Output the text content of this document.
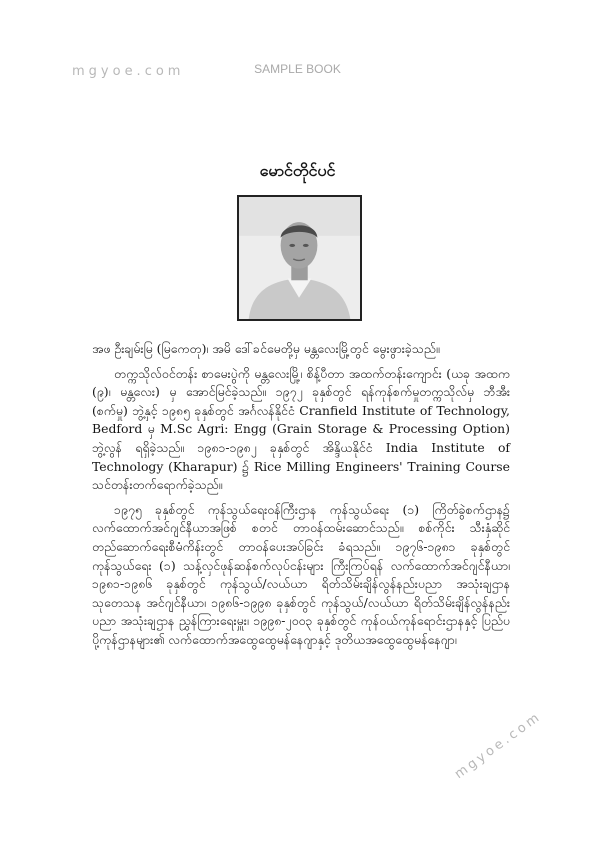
mgyoe.com	SAMPLE BOOK
မောင်တိုင်ပင်

အဖ ဦးချမ်းမြ (မြကေတု)၊ အမိ ဒေါ်ခင်မေတို့မှ မန္တလေးမြို့တွင် မွေးဖွားခဲ့သည်။

တက္ကသိုလ်ဝင်တန်း စာမေးပွဲကို မန္တလေးမြို့၊ စိန့်ပီတာ အထက်တန်းကျောင်း (ယခု အထက (၉)၊ မန္တလေး) မှ အောင်မြင်ခဲ့သည်။ ၁၉၇၂ ခုနှစ်တွင် ရန်ကုန်စက်မှုတက္ကသိုလ်မှ ဘီအီး (စက်မှု) ဘွဲ့နှင့် ၁၉၈၅ ခုနှစ်တွင် အင်္ဂလန်နိုင်ငံ Cranfield Institute of Technology, Bedford မှ M.Sc Agri: Engg (Grain Storage & Processing Option) ဘွဲ့လွန် ရရှိခဲ့သည်။ ၁၉၈၁-၁၉၈၂ ခုနှစ်တွင် အိန္ဒိယနိုင်ငံ India Institute of Technology (Kharapur) ၌ Rice Milling Engineers' Training Course သင်တန်းတက်ရောက်ခဲ့သည်။

၁၉၇၅ ခုနှစ်တွင် ကုန်သွယ်ရေးဝန်ကြီးဌာန ကုန်သွယ်ရေး (၁) ကြိတ်ခွဲစက်ဌာန၌ လက်ထောက်အင်ဂျင်နီယာအဖြစ် စတင် တာဝန်ထမ်းဆောင်သည်။ စစ်ကိုင်း သီးနှံဆိုင် တည်ဆောက်ရေးစီမံကိန်းတွင် တာဝန်ပေးအပ်ခြင်း ခံရသည်။ ၁၉၇၆-၁၉၈၁ ခုနှစ်တွင် ကုန်သွယ်ရေး (၁) သန့်လှင်ဖုန်ဆန်စက်လုပ်ငန်းများ ကြီးကြပ်ရန် လက်ထောက်အင်ဂျင်နီယာ၊ ၁၉၈၁-၁၉၈၆ ခုနှစ်တွင် ကုန်သွယ်/လယ်ယာ ရိတ်သိမ်းချိန်လွန်နည်းပညာ အသုံးချဌာနသုတေသန အင်ဂျင်နီယာ၊ ၁၉၈၆-၁၉၉၈ ခုနှစ်တွင် ကုန်သွယ်/လယ်ယာ ရိတ်သိမ်းချိန်လွန်နည်းပညာ အသုံးချဌာန ညွှန်ကြားရေးမှူး၊ ၁၉၉၈-၂၀၀၃ ခုနှစ်တွင် ကုန်ဝယ်ကုန်ရောင်းဌာနနှင့် ပြည်ပပို့ကုန်ဌာနများ၏ လက်ထောက်အထွေထွေမန်နေဂျာနှင့် ဒုတိယအထွေထွေမန်နေဂျာ၊

mgyoe.com
